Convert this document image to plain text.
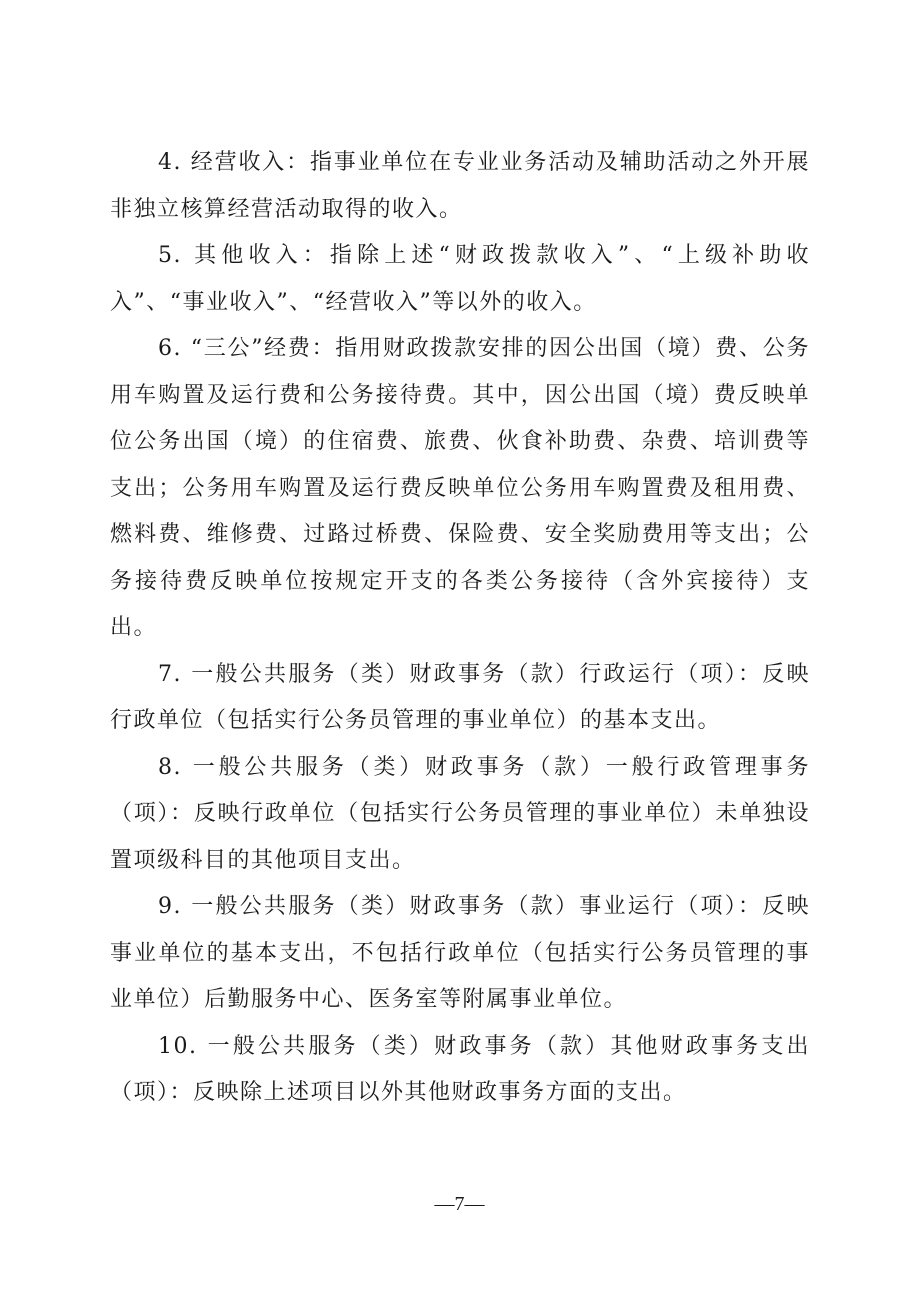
4. 经营收入：指事业单位在专业业务活动及辅助活动之外开展非独立核算经营活动取得的收入。

5. 其他收入：指除上述“财政拨款收入”、“上级补助收入”、“事业收入”、“经营收入”等以外的收入。

6. “三公”经费：指用财政拨款安排的因公出国（境）费、公务用车购置及运行费和公务接待费。其中，因公出国（境）费反映单位公务出国（境）的住宿费、旅费、伙食补助费、杂费、培训费等支出；公务用车购置及运行费反映单位公务用车购置费及租用费、燃料费、维修费、过路过桥费、保险费、安全奖励费用等支出；公务接待费反映单位按规定开支的各类公务接待（含外宾接待）支出。

7. 一般公共服务（类）财政事务（款）行政运行（项）：反映行政单位（包括实行公务员管理的事业单位）的基本支出。

8. 一般公共服务（类）财政事务（款）一般行政管理事务（项）：反映行政单位（包括实行公务员管理的事业单位）未单独设置项级科目的其他项目支出。

9. 一般公共服务（类）财政事务（款）事业运行（项）：反映事业单位的基本支出，不包括行政单位（包括实行公务员管理的事业单位）后勤服务中心、医务室等附属事业单位。

10. 一般公共服务（类）财政事务（款）其他财政事务支出（项）：反映除上述项目以外其他财政事务方面的支出。

—7—
